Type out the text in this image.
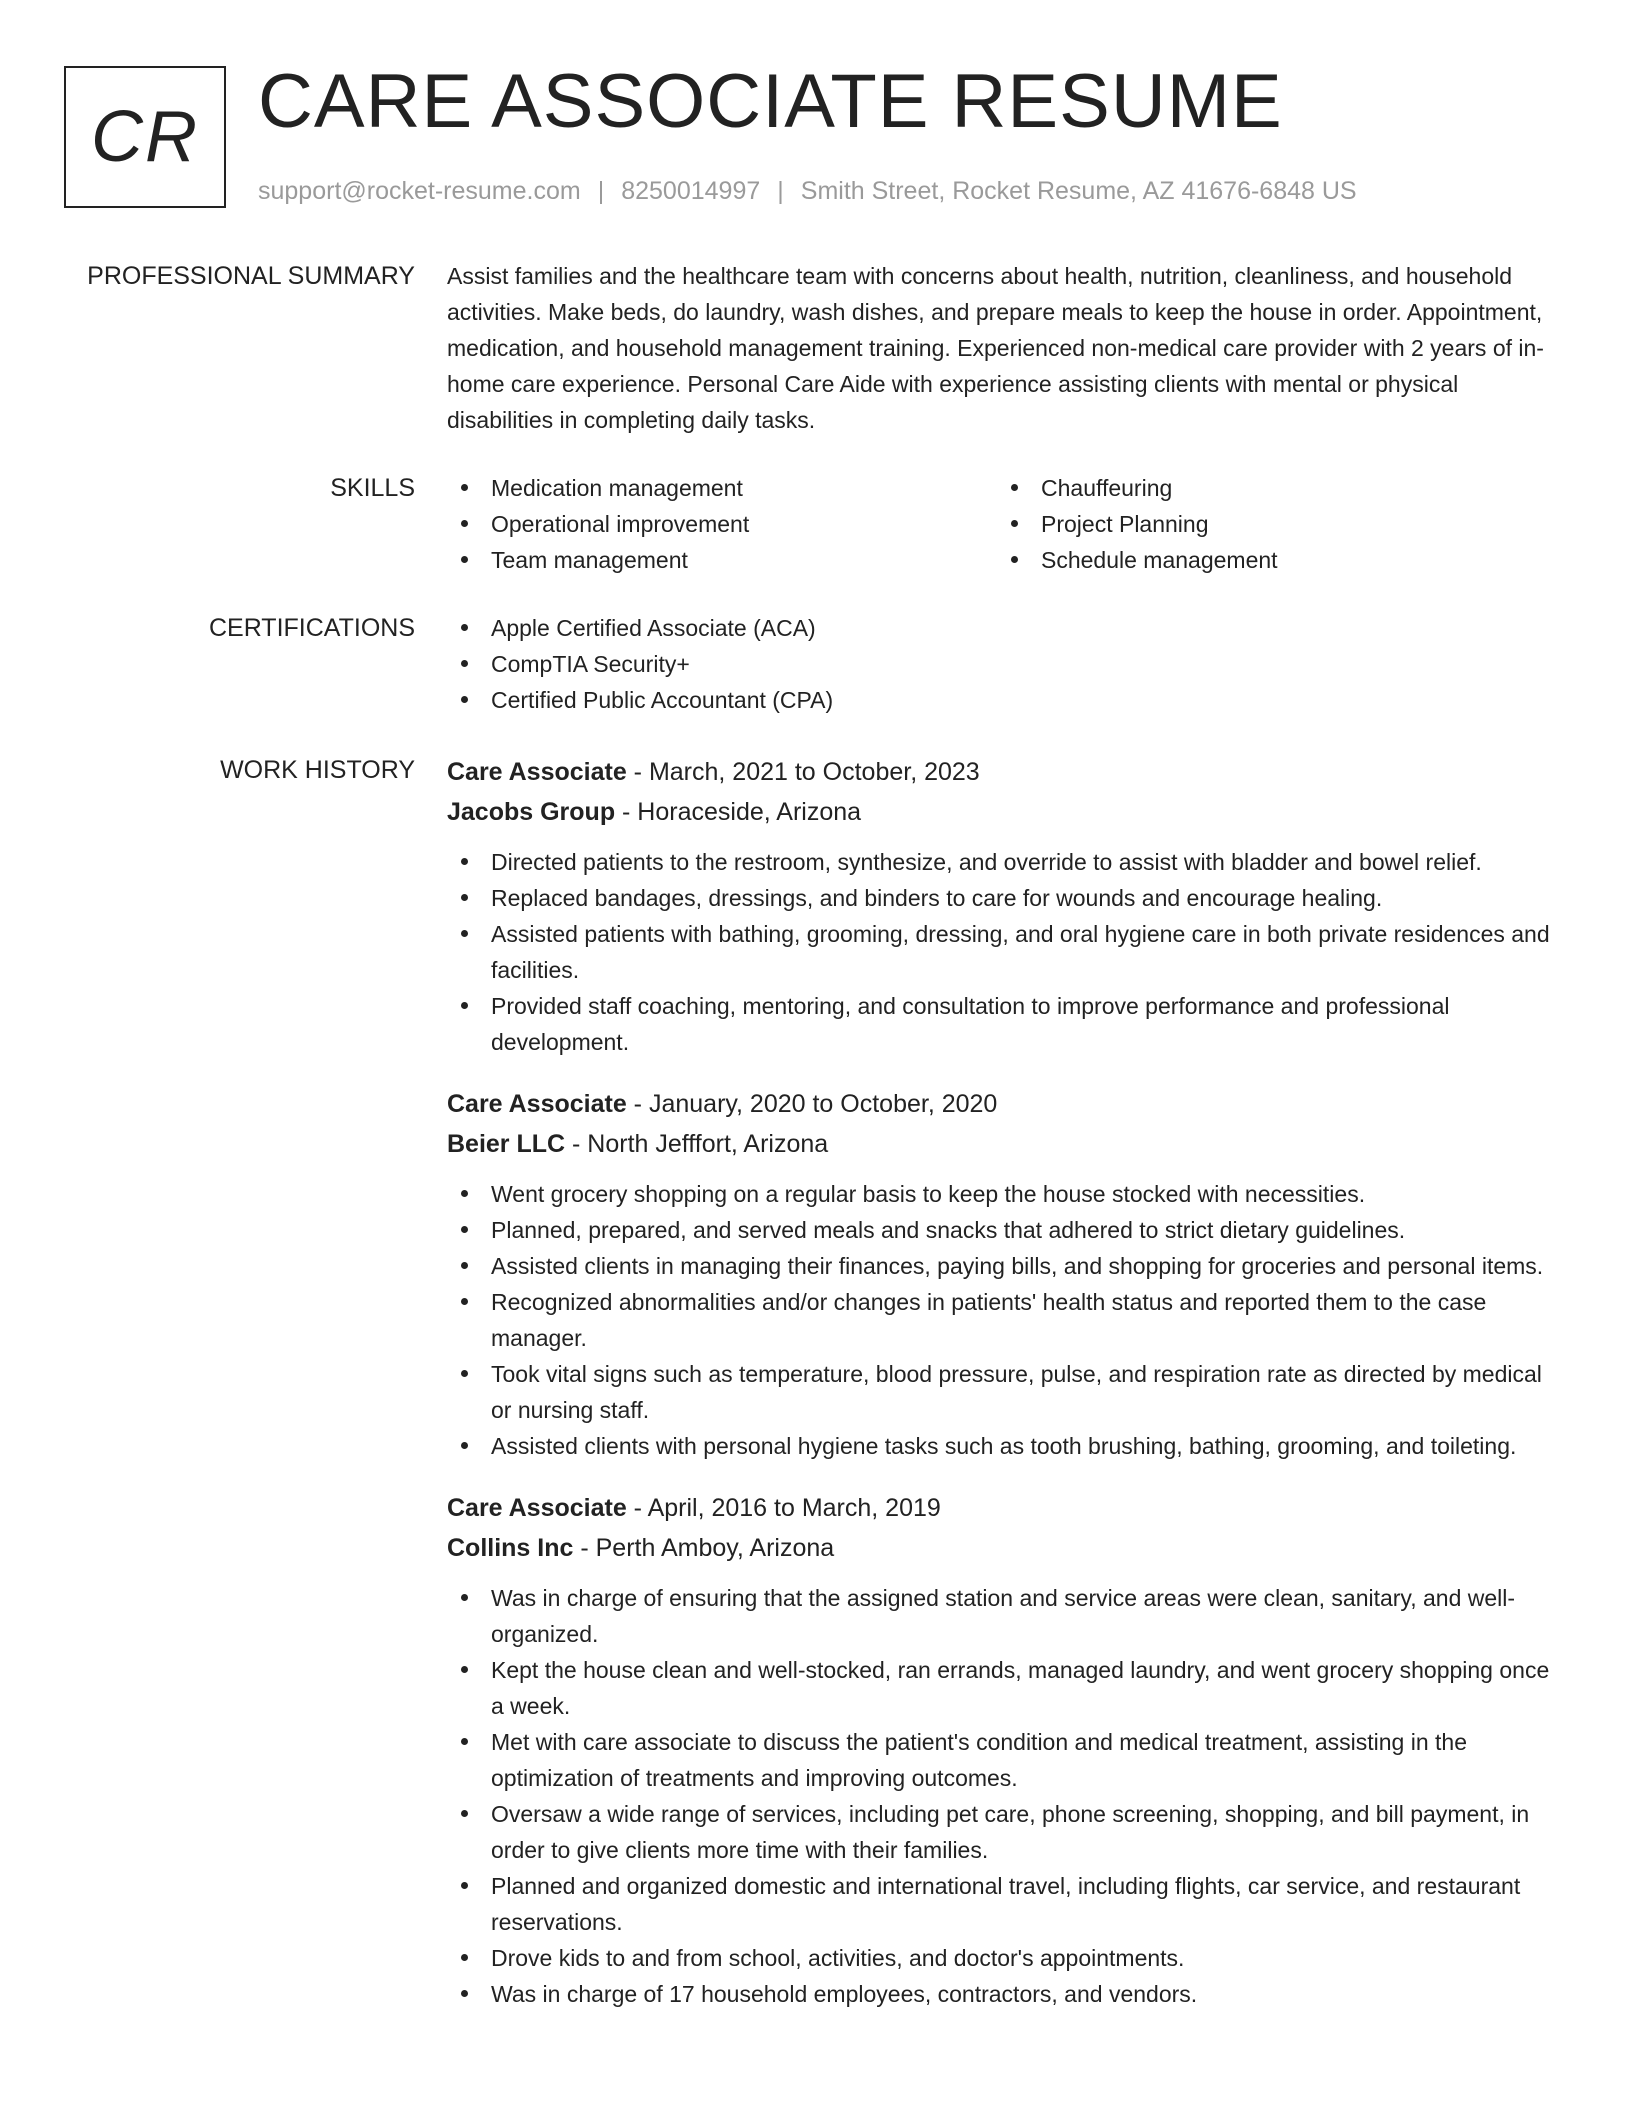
CR CARE ASSOCIATE RESUME
support@rocket-resume.com | 8250014997 | Smith Street, Rocket Resume, AZ 41676-6848 US
PROFESSIONAL SUMMARY Assist families and the healthcare team with concerns about health, nutrition, cleanliness, and household activities. Make beds, do laundry, wash dishes, and prepare meals to keep the house in order. Appointment, medication, and household management training. Experienced non-medical care provider with 2 years of in-home care experience. Personal Care Aide with experience assisting clients with mental or physical disabilities in completing daily tasks.

SKILLS	Medication management
Operational improvement
Team management
Chauffeuring
Project Planning
Schedule management
CERTIFICATIONS	Apple Certified Associate (ACA)
CompTIA Security+
Certified Public Accountant (CPA)
WORK HISTORY Care Associate - March, 2021 to October, 2023
Jacobs Group - Horaceside, Arizona
Directed patients to the restroom, synthesize, and override to assist with bladder and bowel relief.
Replaced bandages, dressings, and binders to care for wounds and encourage healing.
Assisted patients with bathing, grooming, dressing, and oral hygiene care in both private residences and facilities.
Provided staff coaching, mentoring, and consultation to improve performance and professional development.
Care Associate - January, 2020 to October, 2020
Beier LLC - North Jefffort, Arizona
Went grocery shopping on a regular basis to keep the house stocked with necessities.
Planned, prepared, and served meals and snacks that adhered to strict dietary guidelines.
Assisted clients in managing their finances, paying bills, and shopping for groceries and personal items.
Recognized abnormalities and/or changes in patients' health status and reported them to the case manager.
Took vital signs such as temperature, blood pressure, pulse, and respiration rate as directed by medical or nursing staff.
Assisted clients with personal hygiene tasks such as tooth brushing, bathing, grooming, and toileting.
Care Associate - April, 2016 to March, 2019
Collins Inc - Perth Amboy, Arizona
Was in charge of ensuring that the assigned station and service areas were clean, sanitary, and well-organized.
Kept the house clean and well-stocked, ran errands, managed laundry, and went grocery shopping once a week.
Met with care associate to discuss the patient's condition and medical treatment, assisting in the optimization of treatments and improving outcomes.
Oversaw a wide range of services, including pet care, phone screening, shopping, and bill payment, in order to give clients more time with their families.
Planned and organized domestic and international travel, including flights, car service, and restaurant reservations.
Drove kids to and from school, activities, and doctor's appointments.
Was in charge of 17 household employees, contractors, and vendors.
